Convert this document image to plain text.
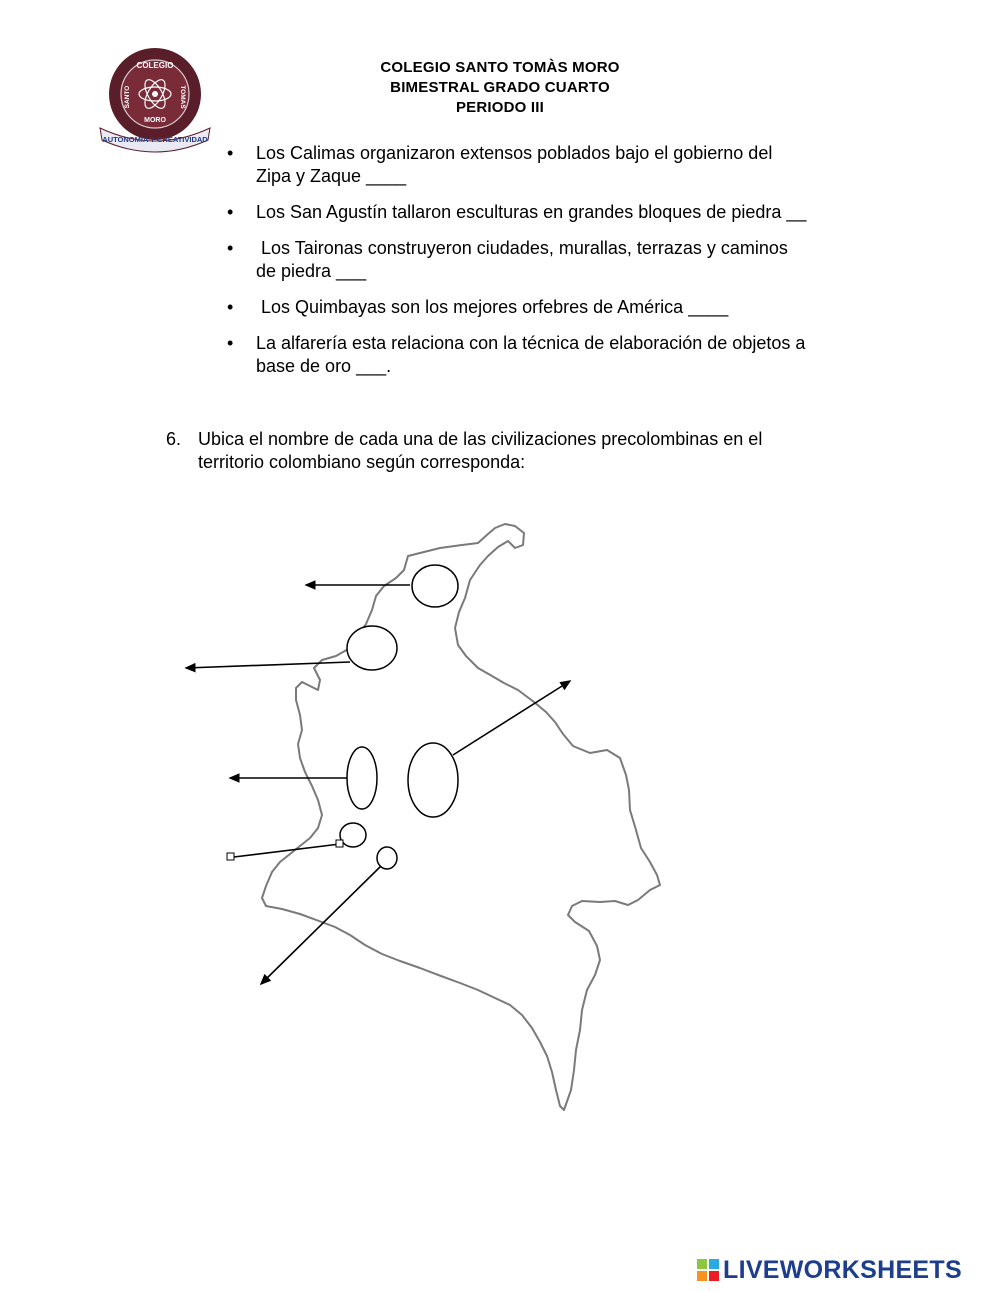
COLEGIO SANTO TOMÀS MORO
BIMESTRAL GRADO CUARTO
PERIODO III
COLEGIO
SANTO	TOMAS
MORO
AUTONOMÍA Y CREATIVIDAD
• Los Calimas organizaron extensos poblados bajo el gobierno del
Zipa y Zaque ____
• Los San Agustín tallaron esculturas en grandes bloques de piedra __
•  Los Taironas construyeron ciudades, murallas, terrazas y caminos
de piedra ___
•  Los Quimbayas son los mejores orfebres de América ____
• La alfarería esta relaciona con la técnica de elaboración de objetos a
base de oro ___.
6. Ubica el nombre de cada una de las civilizaciones precolombinas en el
territorio colombiano según corresponda:
LIVEWORKSHEETS
